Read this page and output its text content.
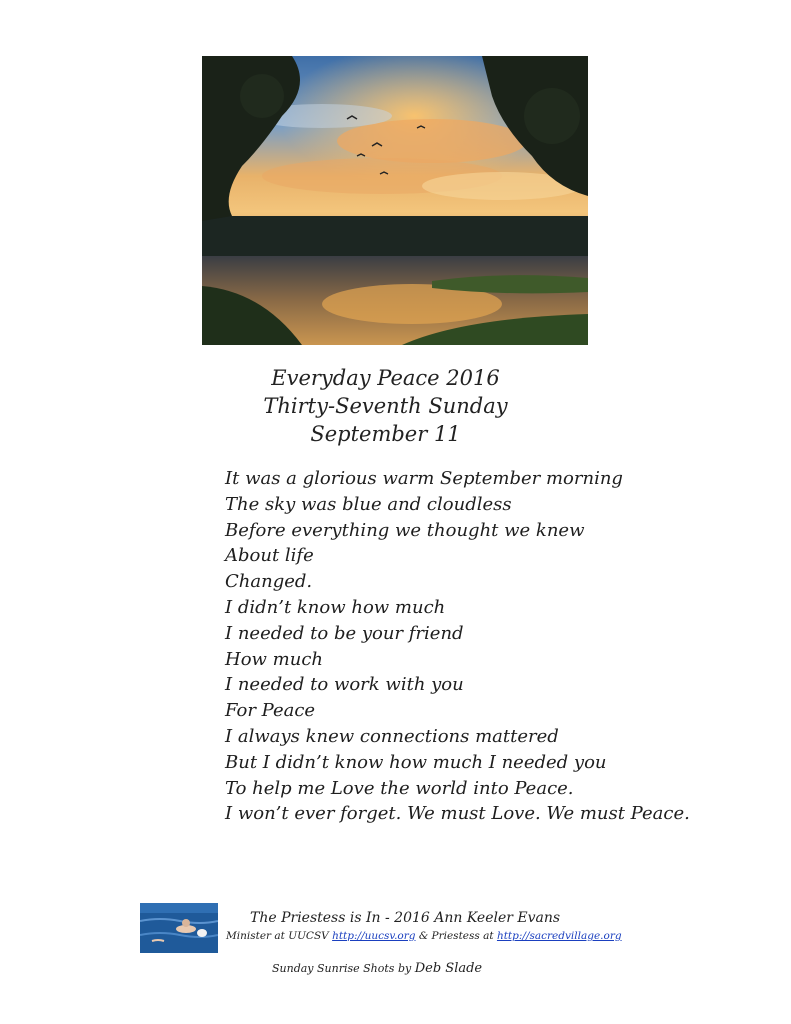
Everyday Peace 2016
Thirty-Seventh Sunday
September 11
It was a glorious warm September morning
The sky was blue and cloudless
Before everything we thought we knew
About life
Changed.
I didn’t know how much
I needed to be your friend
How much
I needed to work with you
For Peace
I always knew connections mattered
But I didn’t know how much I needed you
To help me Love the world into Peace.
I won’t ever forget. We must Love. We must Peace.
The Priestess is In - 2016 Ann Keeler Evans
Minister at UUCSV http://uucsv.org & Priestess at http://sacredvillage.org
Sunday Sunrise Shots by Deb Slade
